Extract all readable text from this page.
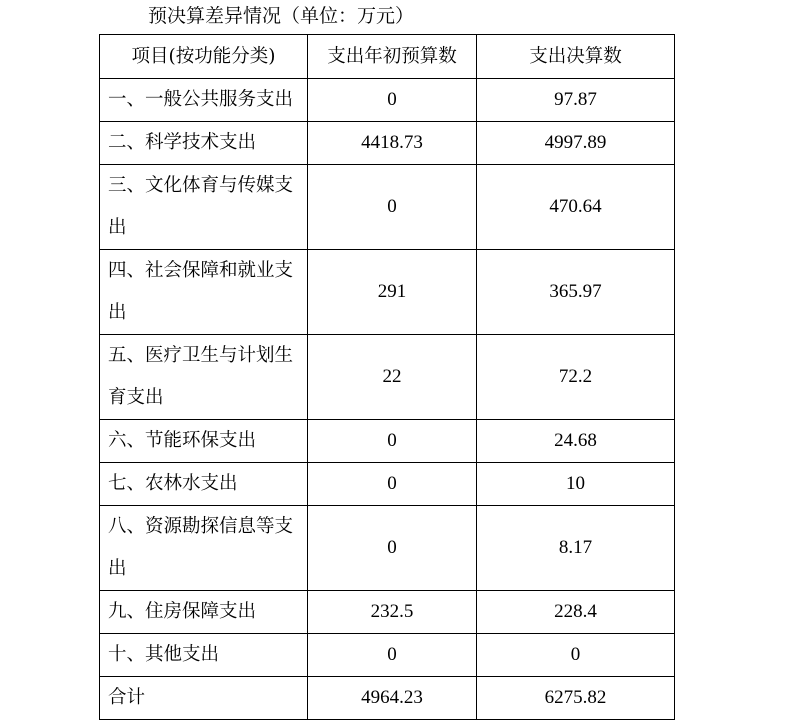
预决算差异情况（单位：万元）
项目(按功能分类)	支出年初预算数	支出决算数
一、一般公共服务支出	0	97.87
二、科学技术支出	4418.73	4997.89
三、文化体育与传媒支出	0	470.64
四、社会保障和就业支出	291	365.97
五、医疗卫生与计划生育支出	22	72.2
六、节能环保支出	0	24.68
七、农林水支出	0	10
八、资源勘探信息等支出	0	8.17
九、住房保障支出	232.5	228.4
十、其他支出	0	0
合计	4964.23	6275.82
